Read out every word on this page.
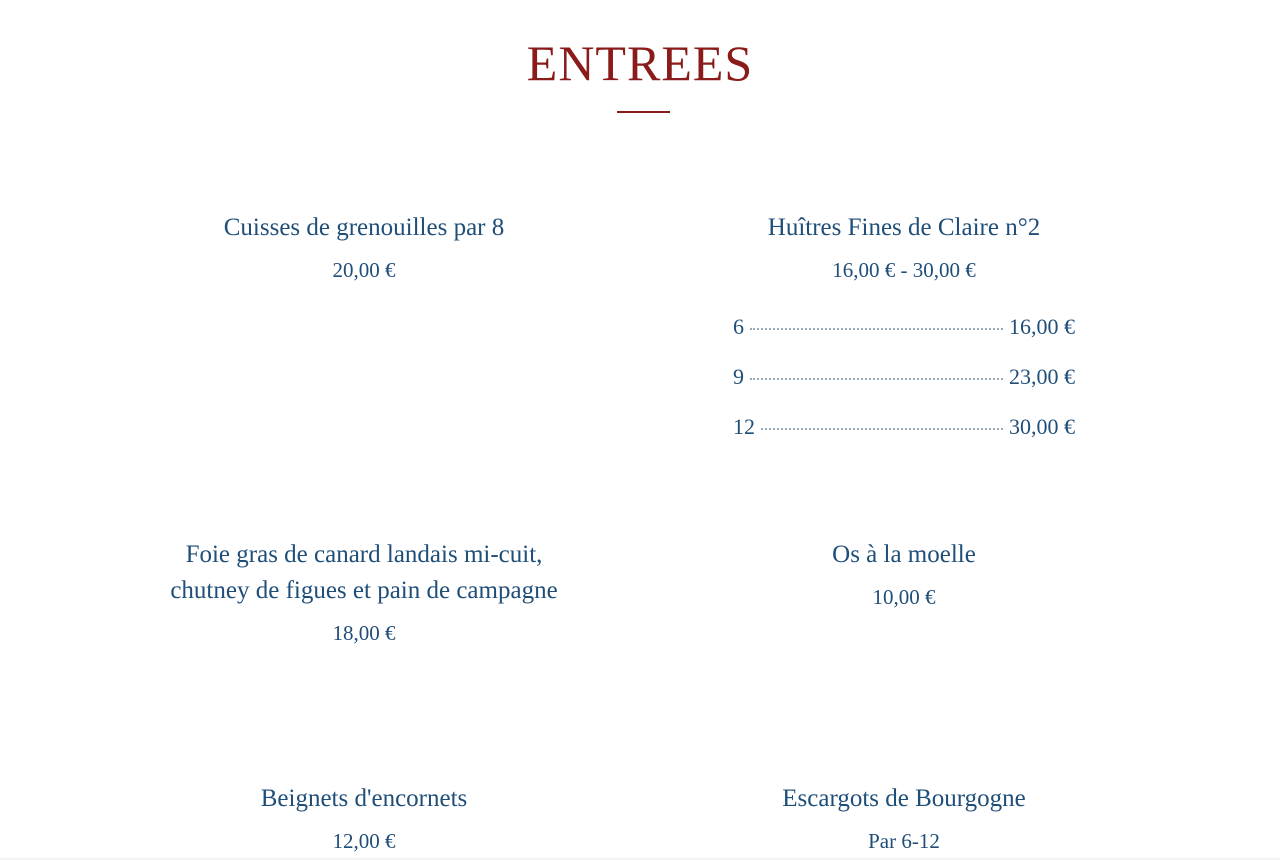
ENTREES
Cuisses de grenouilles par 8
20,00 €
Huîtres Fines de Claire n°2
16,00 € - 30,00 €
6	16,00 €
9	23,00 €
12	30,00 €
Foie gras de canard landais mi-cuit, chutney de figues et pain de campagne
18,00 €
Os à la moelle
10,00 €
Beignets d'encornets
12,00 €
Escargots de Bourgogne
Par 6-12
